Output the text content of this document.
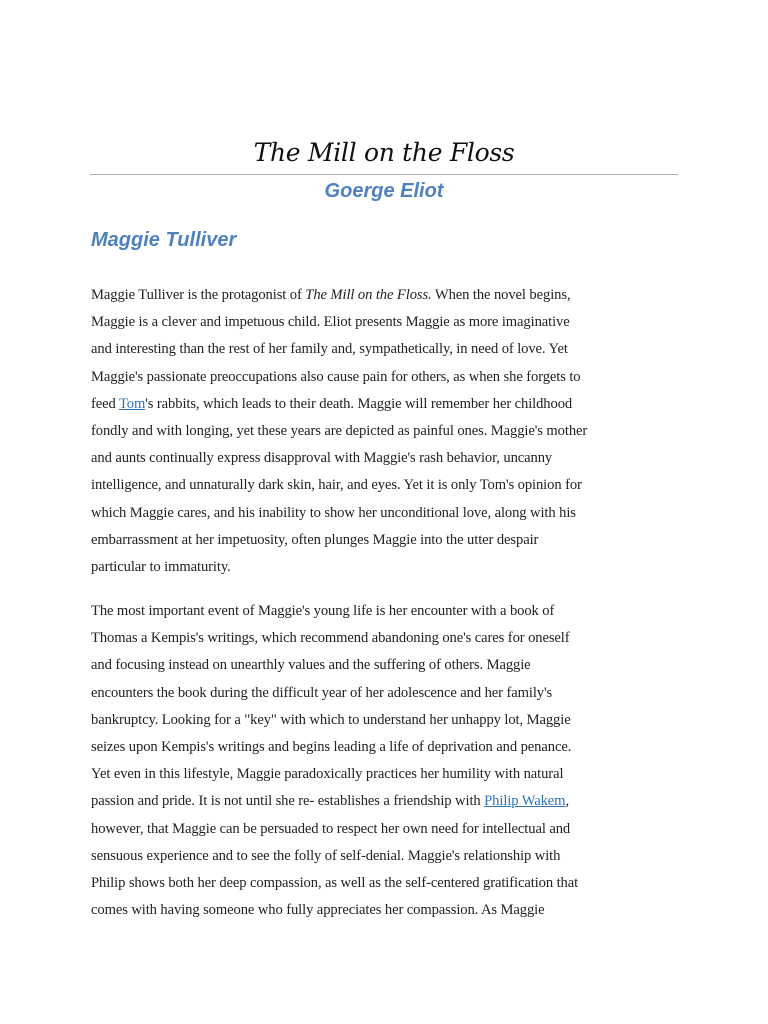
The Mill on the Floss
Goerge Eliot
Maggie Tulliver

Maggie Tulliver is the protagonist of The Mill on the Floss. When the novel begins,
Maggie is a clever and impetuous child. Eliot presents Maggie as more imaginative
and interesting than the rest of her family and, sympathetically, in need of love. Yet
Maggie's passionate preoccupations also cause pain for others, as when she forgets to
feed Tom's rabbits, which leads to their death. Maggie will remember her childhood
fondly and with longing, yet these years are depicted as painful ones. Maggie's mother
and aunts continually express disapproval with Maggie's rash behavior, uncanny
intelligence, and unnaturally dark skin, hair, and eyes. Yet it is only Tom's opinion for
which Maggie cares, and his inability to show her unconditional love, along with his
embarrassment at her impetuosity, often plunges Maggie into the utter despair
particular to immaturity.

The most important event of Maggie's young life is her encounter with a book of
Thomas a Kempis's writings, which recommend abandoning one's cares for oneself
and focusing instead on unearthly values and the suffering of others. Maggie
encounters the book during the difficult year of her adolescence and her family's
bankruptcy. Looking for a "key" with which to understand her unhappy lot, Maggie
seizes upon Kempis's writings and begins leading a life of deprivation and penance.
Yet even in this lifestyle, Maggie paradoxically practices her humility with natural
passion and pride. It is not until she re- establishes a friendship with Philip Wakem,
however, that Maggie can be persuaded to respect her own need for intellectual and
sensuous experience and to see the folly of self-denial. Maggie's relationship with
Philip shows both her deep compassion, as well as the self-centered gratification that
comes with having someone who fully appreciates her compassion. As Maggie
